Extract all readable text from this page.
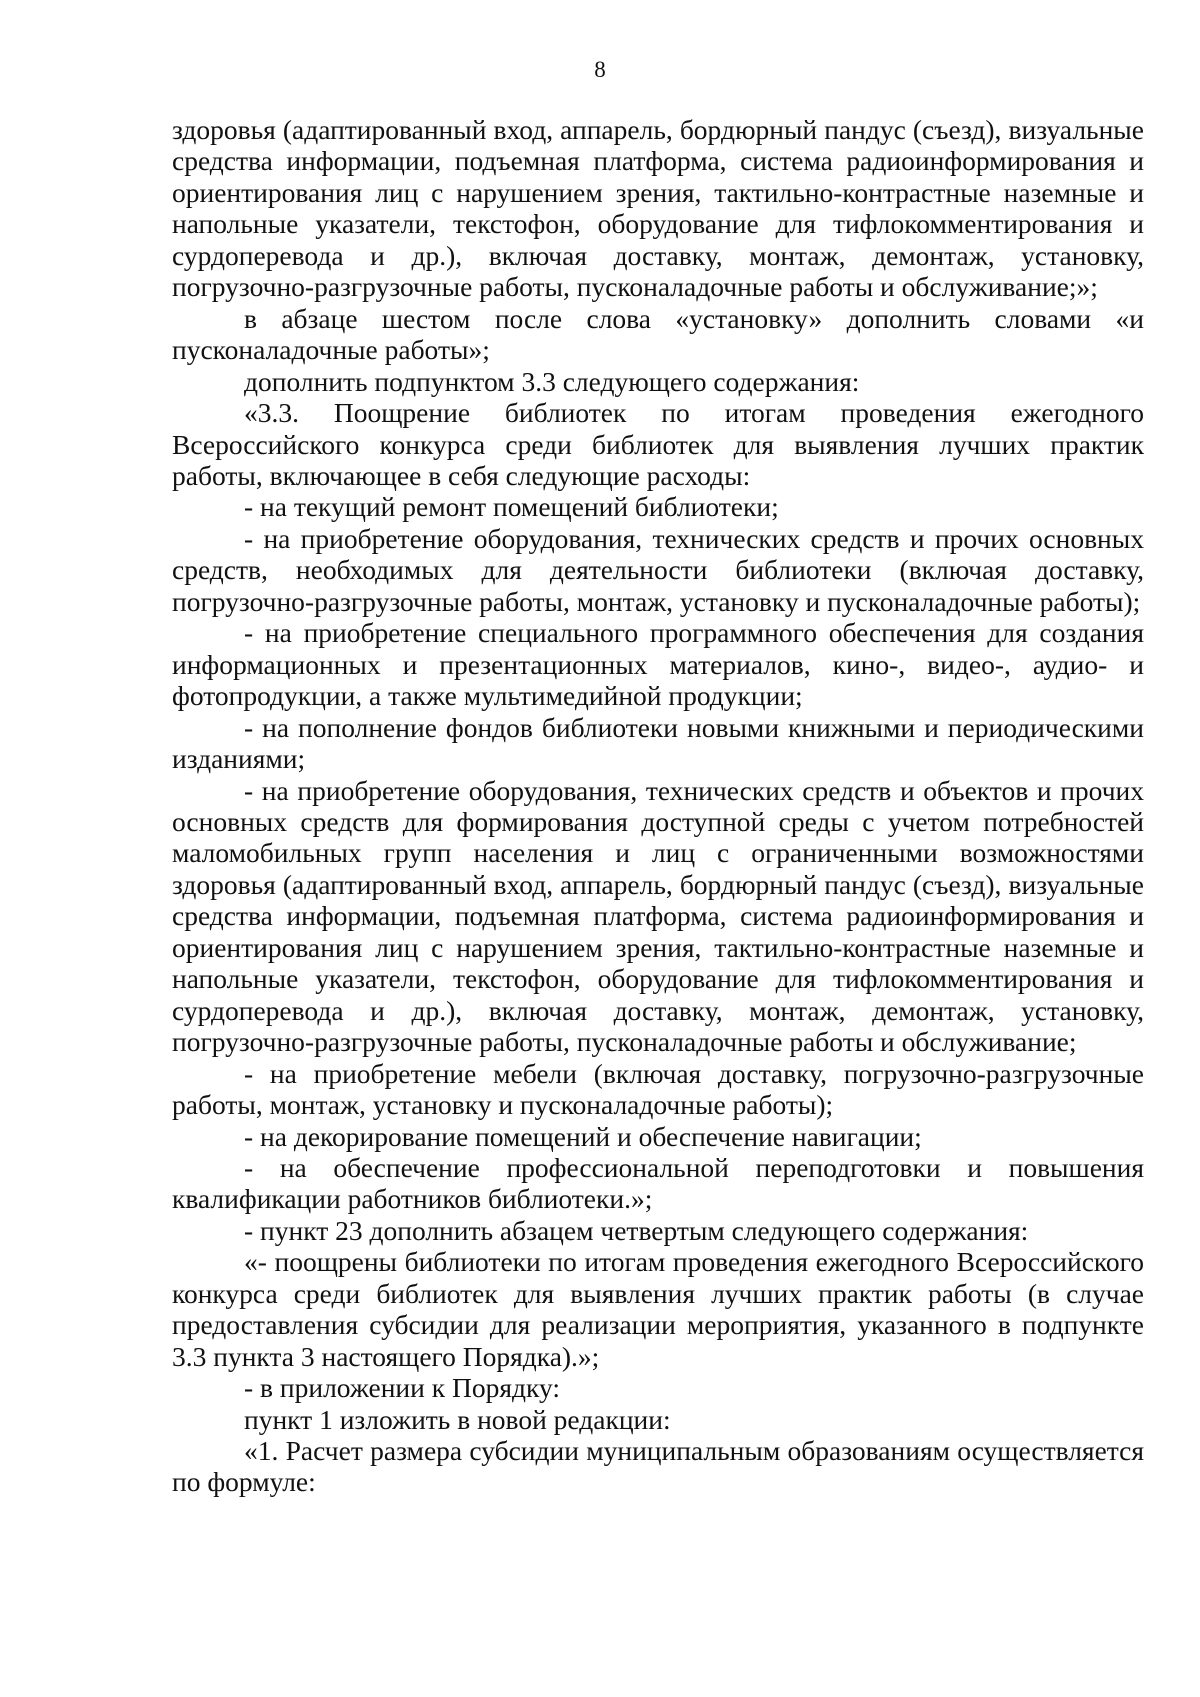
8

здоровья (адаптированный вход, аппарель, бордюрный пандус (съезд), визуальные средства информации, подъемная платформа, система радиоинформирования и ориентирования лиц с нарушением зрения, тактильно-контрастные наземные и напольные указатели, текстофон, оборудование для тифлокомментирования и сурдоперевода и др.), включая доставку, монтаж, демонтаж, установку, погрузочно-разгрузочные работы, пусконаладочные работы и обслуживание;»;

в абзаце шестом после слова «установку» дополнить словами «и пусконаладочные работы»;

дополнить подпунктом 3.3 следующего содержания:

«3.3. Поощрение библиотек по итогам проведения ежегодного Всероссийского конкурса среди библиотек для выявления лучших практик работы, включающее в себя следующие расходы:

- на текущий ремонт помещений библиотеки;

- на приобретение оборудования, технических средств и прочих основных средств, необходимых для деятельности библиотеки (включая доставку, погрузочно-разгрузочные работы, монтаж, установку и пусконаладочные работы);

- на приобретение специального программного обеспечения для создания информационных и презентационных материалов, кино-, видео-, аудио- и фотопродукции, а также мультимедийной продукции;

- на пополнение фондов библиотеки новыми книжными и периодическими изданиями;

- на приобретение оборудования, технических средств и объектов и прочих основных средств для формирования доступной среды с учетом потребностей маломобильных групп населения и лиц с ограниченными возможностями здоровья (адаптированный вход, аппарель, бордюрный пандус (съезд), визуальные средства информации, подъемная платформа, система радиоинформирования и ориентирования лиц с нарушением зрения, тактильно-контрастные наземные и напольные указатели, текстофон, оборудование для тифлокомментирования и сурдоперевода и др.), включая доставку, монтаж, демонтаж, установку, погрузочно-разгрузочные работы, пусконаладочные работы и обслуживание;

- на приобретение мебели (включая доставку, погрузочно-разгрузочные работы, монтаж, установку и пусконаладочные работы);

- на декорирование помещений и обеспечение навигации;

- на обеспечение профессиональной переподготовки и повышения квалификации работников библиотеки.»;

- пункт 23 дополнить абзацем четвертым следующего содержания:

«- поощрены библиотеки по итогам проведения ежегодного Всероссийского конкурса среди библиотек для выявления лучших практик работы (в случае предоставления субсидии для реализации мероприятия, указанного в подпункте 3.3 пункта 3 настоящего Порядка).»;

- в приложении к Порядку:

пункт 1 изложить в новой редакции:

«1. Расчет размера субсидии муниципальным образованиям осуществляется по формуле:
